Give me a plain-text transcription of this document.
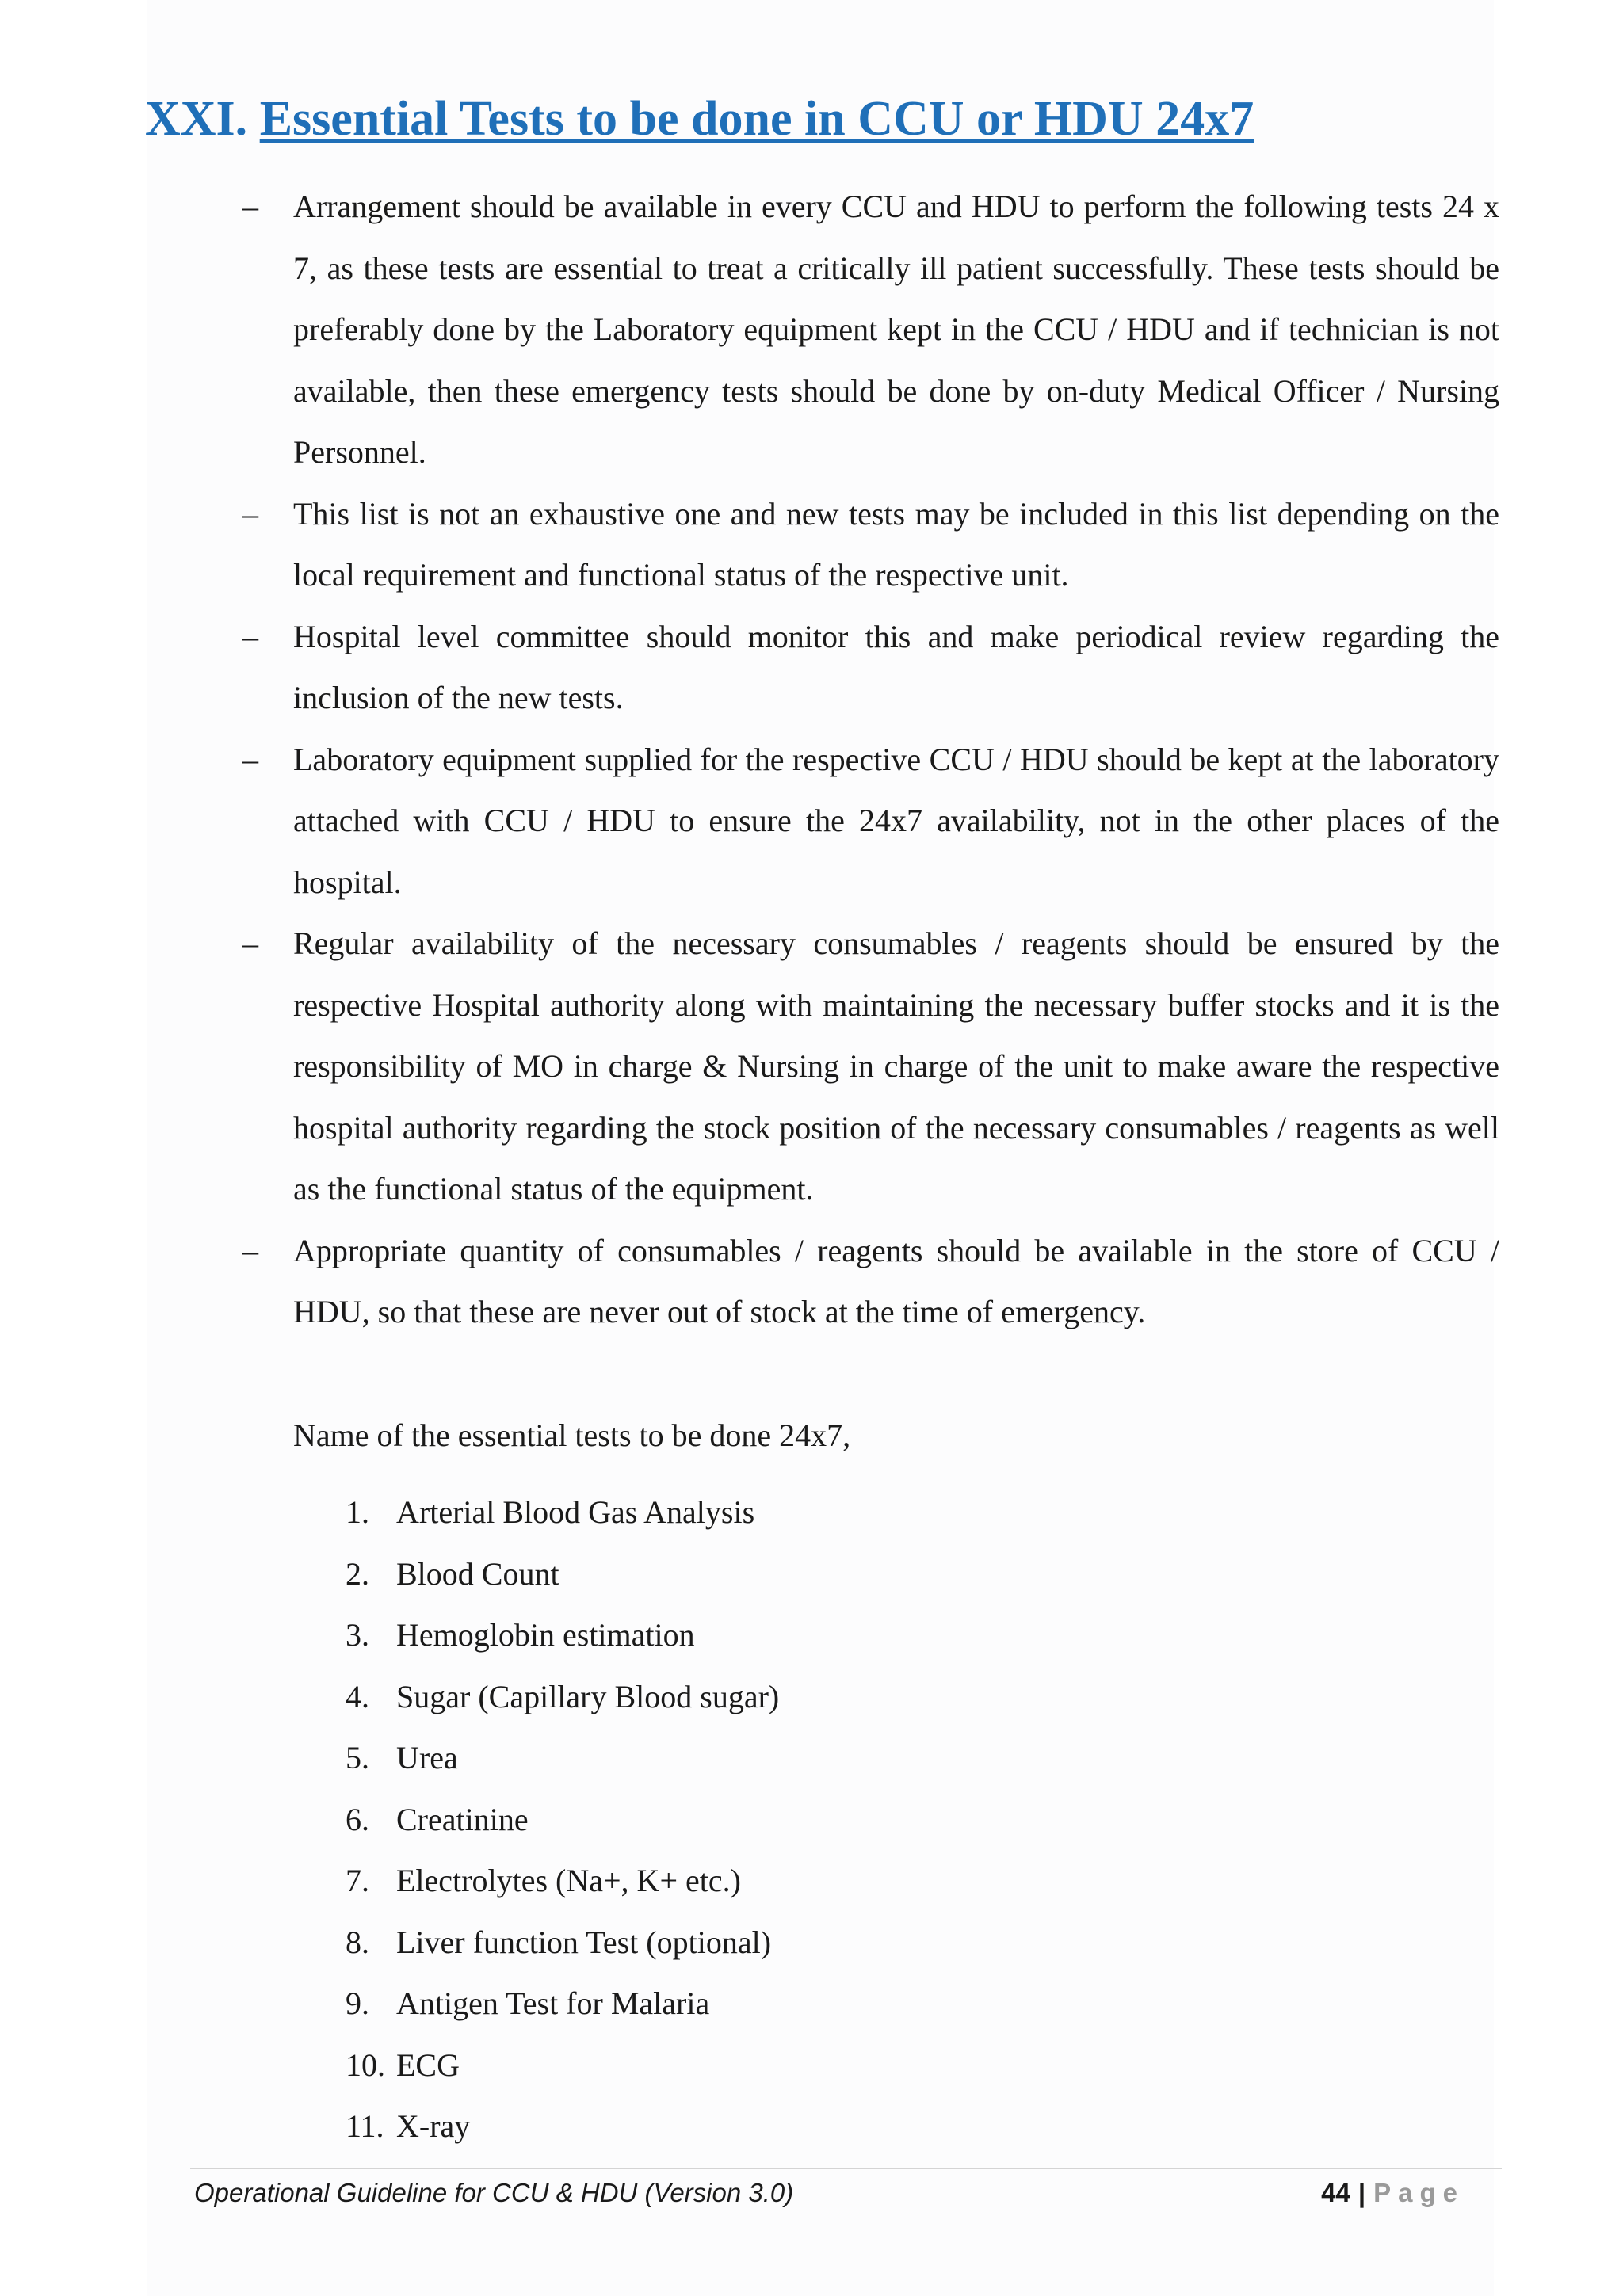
XXI. Essential Tests to be done in CCU or HDU 24x7
– Arrangement should be available in every CCU and HDU to perform the following tests 24 x 7, as these tests are essential to treat a critically ill patient successfully. These tests should be preferably done by the Laboratory equipment kept in the CCU / HDU and if technician is not available, then these emergency tests should be done by on-duty Medical Officer / Nursing Personnel.
– This list is not an exhaustive one and new tests may be included in this list depending on the local requirement and functional status of the respective unit.
– Hospital level committee should monitor this and make periodical review regarding the inclusion of the new tests.
– Laboratory equipment supplied for the respective CCU / HDU should be kept at the laboratory attached with CCU / HDU to ensure the 24x7 availability, not in the other places of the hospital.
– Regular availability of the necessary consumables / reagents should be ensured by the respective Hospital authority along with maintaining the necessary buffer stocks and it is the responsibility of MO in charge & Nursing in charge of the unit to make aware the respective hospital authority regarding the stock position of the necessary consumables / reagents as well as the functional status of the equipment.
– Appropriate quantity of consumables / reagents should be available in the store of CCU / HDU, so that these are never out of stock at the time of emergency.

Name of the essential tests to be done 24x7,

1. Arterial Blood Gas Analysis
2. Blood Count
3. Hemoglobin estimation
4. Sugar (Capillary Blood sugar)
5. Urea
6. Creatinine
7. Electrolytes (Na+, K+ etc.)
8. Liver function Test (optional)
9. Antigen Test for Malaria
10. ECG
11. X-ray
Operational Guideline for CCU & HDU (Version 3.0)	44 | Page
